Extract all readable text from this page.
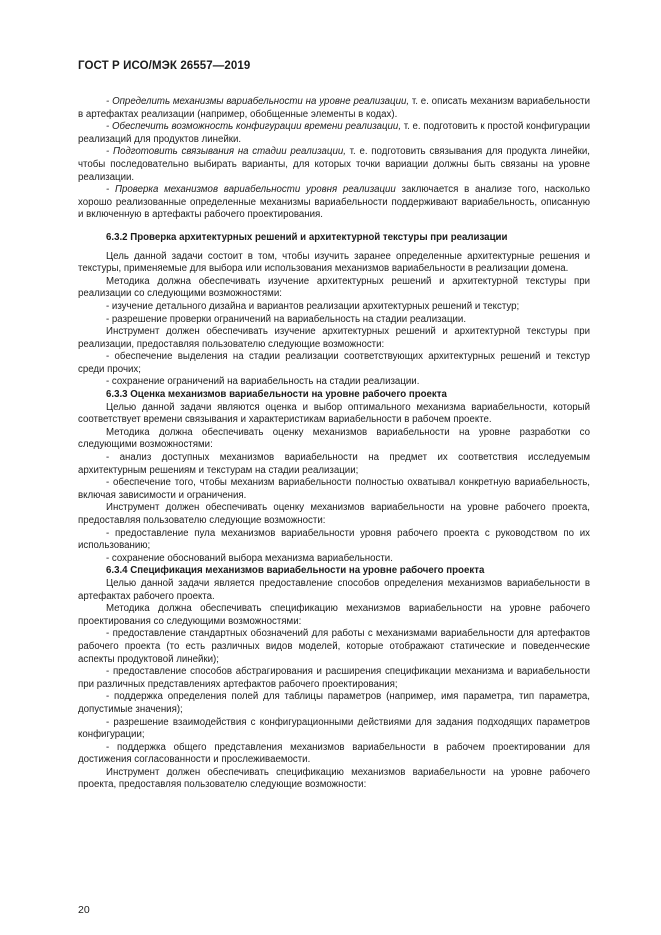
ГОСТ Р ИСО/МЭК 26557—2019

- Определить механизмы вариабельности на уровне реализации, т. е. описать механизм вариабельности в артефактах реализации (например, обобщенные элементы в кодах).

- Обеспечить возможность конфигурации времени реализации, т. е. подготовить к простой конфигурации реализаций для продуктов линейки.

- Подготовить связывания на стадии реализации, т. е. подготовить связывания для продукта линейки, чтобы последовательно выбирать варианты, для которых точки вариации должны быть связаны на уровне реализации.

- Проверка механизмов вариабельности уровня реализации заключается в анализе того, насколько хорошо реализованные определенные механизмы вариабельности поддерживают вариабельность, описанную и включенную в артефакты рабочего проектирования.

6.3.2 Проверка архитектурных решений и архитектурной текстуры при реализации

Цель данной задачи состоит в том, чтобы изучить заранее определенные архитектурные решения и текстуры, применяемые для выбора или использования механизмов вариабельности в реализации домена.

Методика должна обеспечивать изучение архитектурных решений и архитектурной текстуры при реализации со следующими возможностями:

- изучение детального дизайна и вариантов реализации архитектурных решений и текстур;

- разрешение проверки ограничений на вариабельность на стадии реализации.

Инструмент должен обеспечивать изучение архитектурных решений и архитектурной текстуры при реализации, предоставляя пользователю следующие возможности:

- обеспечение выделения на стадии реализации соответствующих архитектурных решений и текстур среди прочих;

- сохранение ограничений на вариабельность на стадии реализации.

6.3.3 Оценка механизмов вариабельности на уровне рабочего проекта

Целью данной задачи являются оценка и выбор оптимального механизма вариабельности, который соответствует времени связывания и характеристикам вариабельности в рабочем проекте.

Методика должна обеспечивать оценку механизмов вариабельности на уровне разработки со следующими возможностями:

- анализ доступных механизмов вариабельности на предмет их соответствия исследуемым архитектурным решениям и текстурам на стадии реализации;

- обеспечение того, чтобы механизм вариабельности полностью охватывал конкретную вариабельность, включая зависимости и ограничения.

Инструмент должен обеспечивать оценку механизмов вариабельности на уровне рабочего проекта, предоставляя пользователю следующие возможности:

- предоставление пула механизмов вариабельности уровня рабочего проекта с руководством по их использованию;

- сохранение обоснований выбора механизма вариабельности.

6.3.4 Спецификация механизмов вариабельности на уровне рабочего проекта

Целью данной задачи является предоставление способов определения механизмов вариабельности в артефактах рабочего проекта.

Методика должна обеспечивать спецификацию механизмов вариабельности на уровне рабочего проектирования со следующими возможностями:

- предоставление стандартных обозначений для работы с механизмами вариабельности для артефактов рабочего проекта (то есть различных видов моделей, которые отображают статические и поведенческие аспекты продуктовой линейки);

- предоставление способов абстрагирования и расширения спецификации механизма и вариабельности при различных представлениях артефактов рабочего проектирования;

- поддержка определения полей для таблицы параметров (например, имя параметра, тип параметра, допустимые значения);

- разрешение взаимодействия с конфигурационными действиями для задания подходящих параметров конфигурации;

- поддержка общего представления механизмов вариабельности в рабочем проектировании для достижения согласованности и прослеживаемости.

Инструмент должен обеспечивать спецификацию механизмов вариабельности на уровне рабочего проекта, предоставляя пользователю следующие возможности:

20
